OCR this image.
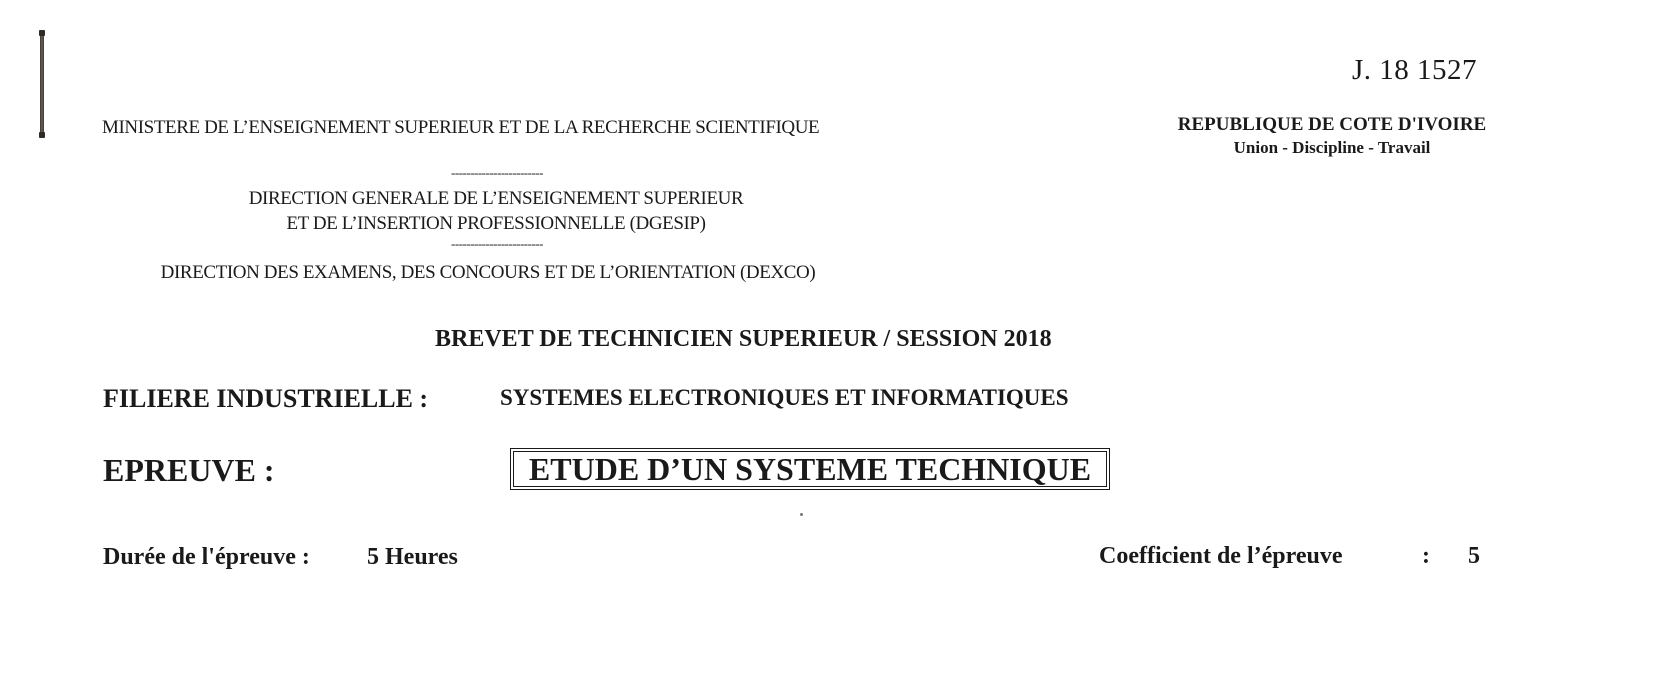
J. 18 1527
MINISTERE DE L’ENSEIGNEMENT SUPERIEUR ET DE LA RECHERCHE SCIENTIFIQUE	REPUBLIQUE DE COTE D'IVOIRE
Union - Discipline - Travail
------------------------
DIRECTION GENERALE DE L’ENSEIGNEMENT SUPERIEUR
ET DE L’INSERTION PROFESSIONNELLE (DGESIP)
------------------------
DIRECTION DES EXAMENS, DES CONCOURS ET DE L’ORIENTATION (DEXCO)
BREVET DE TECHNICIEN SUPERIEUR / SESSION 2018
FILIERE INDUSTRIELLE :	SYSTEMES ELECTRONIQUES ET INFORMATIQUES
EPREUVE :	ETUDE D’UN SYSTEME TECHNIQUE
Durée de l'épreuve : 5 Heures	Coefficient de l’épreuve	: 5
